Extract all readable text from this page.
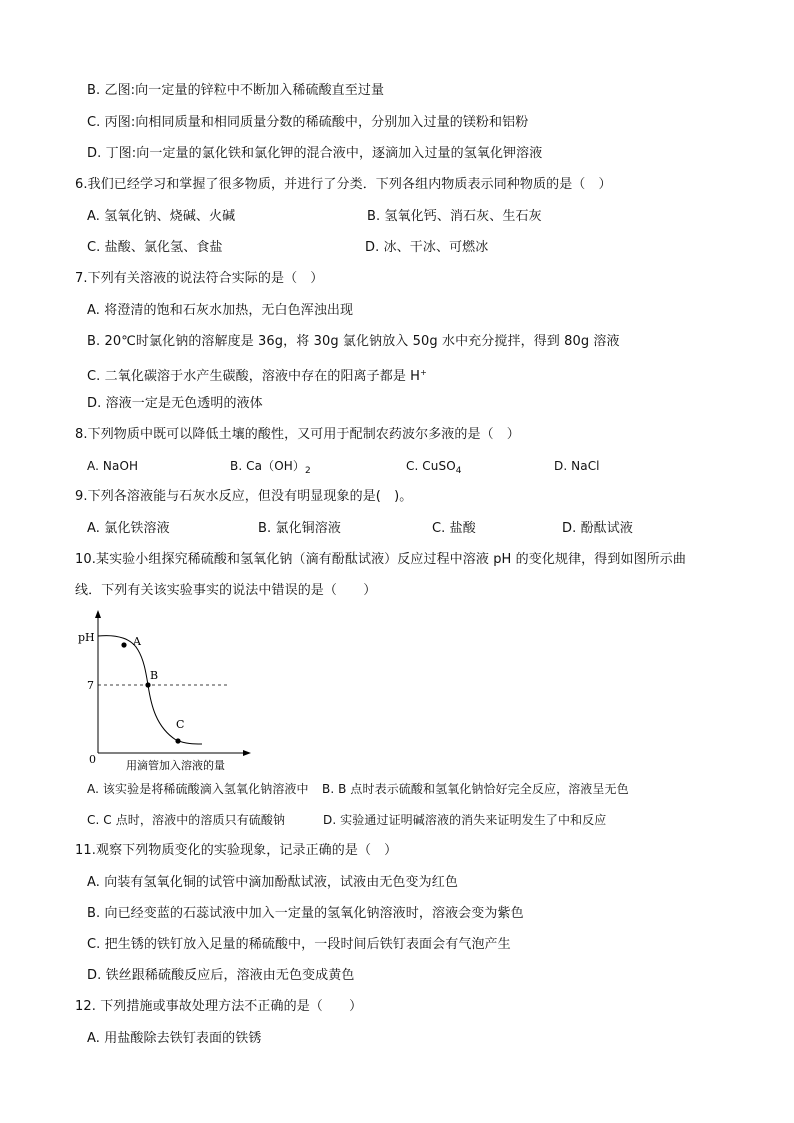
B. 乙图:向一定量的锌粒中不断加入稀硫酸直至过量
C. 丙图:向相同质量和相同质量分数的稀硫酸中，分别加入过量的镁粉和铝粉
D. 丁图:向一定量的氯化铁和氯化钾的混合液中，逐滴加入过量的氢氧化钾溶液
6.我们已经学习和掌握了很多物质，并进行了分类．下列各组内物质表示同种物质的是（　）
A. 氢氧化钠、烧碱、火碱	B. 氢氧化钙、消石灰、生石灰
C. 盐酸、氯化氢、食盐	D. 冰、干冰、可燃冰
7.下列有关溶液的说法符合实际的是（　）
A. 将澄清的饱和石灰水加热，无白色浑浊出现
B. 20℃时氯化钠的溶解度是 36g，将 30g 氯化钠放入 50g 水中充分搅拌，得到 80g 溶液
C. 二氧化碳溶于水产生碳酸，溶液中存在的阳离子都是 H+
D. 溶液一定是无色透明的液体
8.下列物质中既可以降低土壤的酸性，又可用于配制农药波尔多液的是（　）
A. NaOH	B. $Ca(OH)_2$	C. CuSO$_4$	D. NaCl
9.下列各溶液能与石灰水反应，但没有明显现象的是(　)。
A. 氯化铁溶液	B. 氯化铜溶液	C. 盐酸	D. 酚酞试液
10.某实验小组探究稀硫酸和氢氧化钠（滴有酚酞试液）反应过程中溶液 pH 的变化规律，得到如图所示曲
线．下列有关该实验事实的说法中错误的是（　　）
pH
7
0
A
B
C
用滴管加入溶液的量
A. 该实验是将稀硫酸滴入氢氧化钠溶液中 B. B 点时表示硫酸和氢氧化钠恰好完全反应，溶液呈无色
C. C 点时，溶液中的溶质只有硫酸钠	D. 实验通过证明碱溶液的消失来证明发生了中和反应
11.观察下列物质变化的实验现象，记录正确的是（　）
A. 向装有氢氧化铜的试管中滴加酚酞试液，试液由无色变为红色
B. 向已经变蓝的石蕊试液中加入一定量的氢氧化钠溶液时，溶液会变为紫色
C. 把生锈的铁钉放入足量的稀硫酸中，一段时间后铁钉表面会有气泡产生
D. 铁丝跟稀硫酸反应后，溶液由无色变成黄色
12. 下列措施或事故处理方法不正确的是（　　）
A. 用盐酸除去铁钉表面的铁锈
